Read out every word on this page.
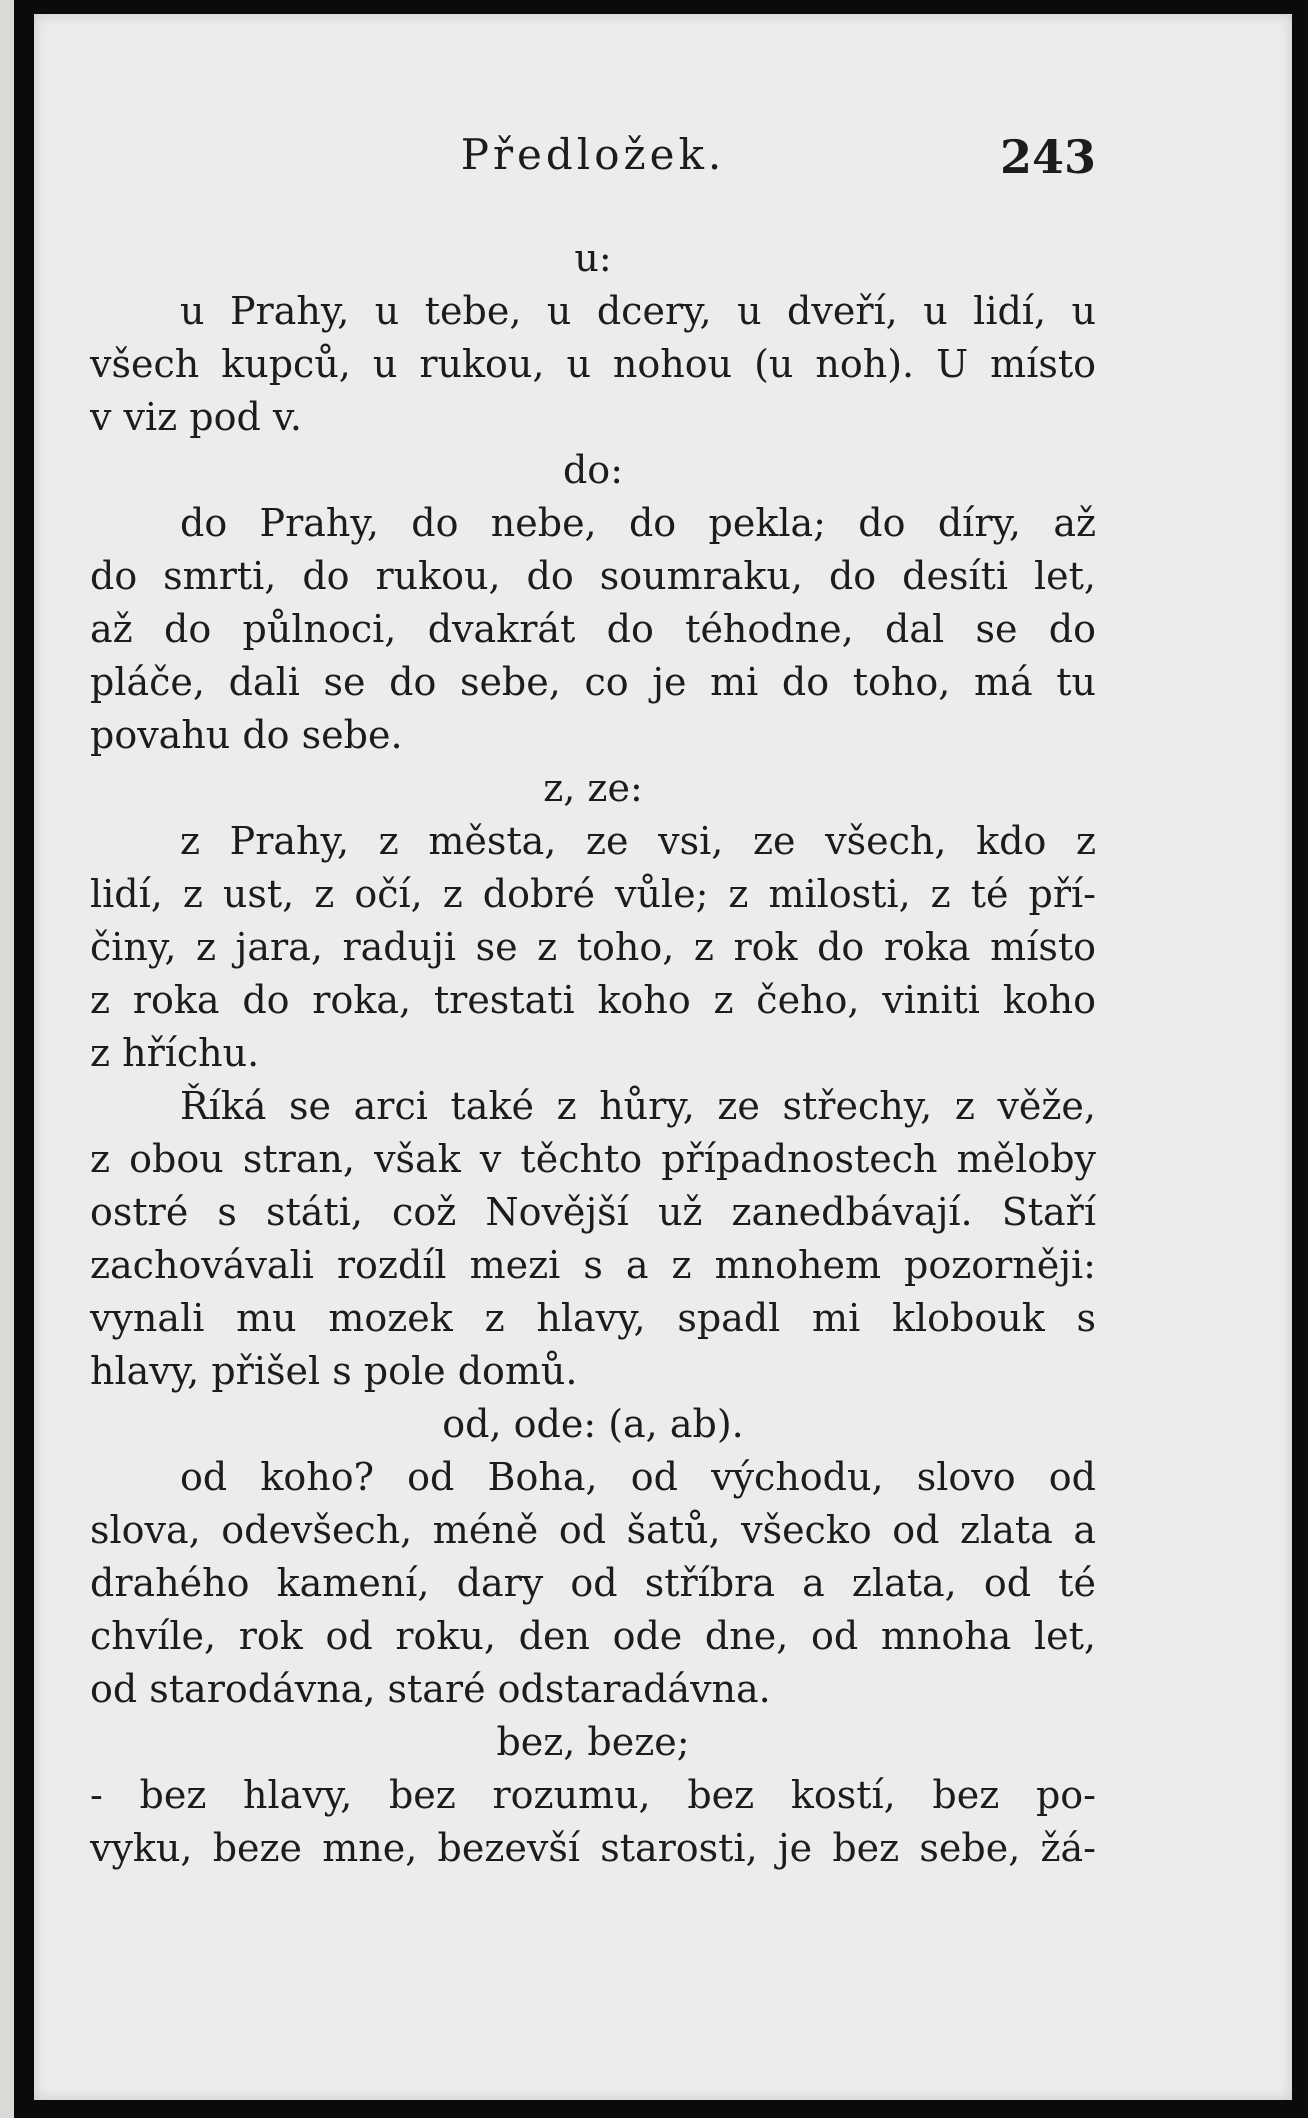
Předložek.	243
u:
u Prahy, u tebe, u dcery, u dveří, u lidí, u
všech kupců, u rukou, u nohou (u noh). U místo
v viz pod v.
do:
do Prahy, do nebe, do pekla; do díry, až
do smrti, do rukou, do soumraku, do desíti let,
až do půlnoci, dvakrát do téhodne, dal se do
pláče, dali se do sebe, co je mi do toho, má tu
povahu do sebe.
z, ze:
z Prahy, z města, ze vsi, ze všech, kdo z
lidí, z ust, z očí, z dobré vůle; z milosti, z té pří-
činy, z jara, raduji se z toho, z rok do roka místo
z roka do roka, trestati koho z čeho, viniti koho
z hříchu.
Říká se arci také z hůry, ze střechy, z věže,
z obou stran, však v těchto případnostech měloby
ostré s státi, což Novější už zanedbávají. Staří
zachovávali rozdíl mezi s a z mnohem pozorněji:
vynali mu mozek z hlavy, spadl mi klobouk s
hlavy, přišel s pole domů.
od, ode: (a, ab).
od koho? od Boha, od východu, slovo od
slova, odevšech, méně od šatů, všecko od zlata a
drahého kamení, dary od stříbra a zlata, od té
chvíle, rok od roku, den ode dne, od mnoha let,
od starodávna, staré odstaradávna.
bez, beze;
- bez hlavy, bez rozumu, bez kostí, bez po-
vyku, beze mne, bezevší starosti, je bez sebe, žá-
